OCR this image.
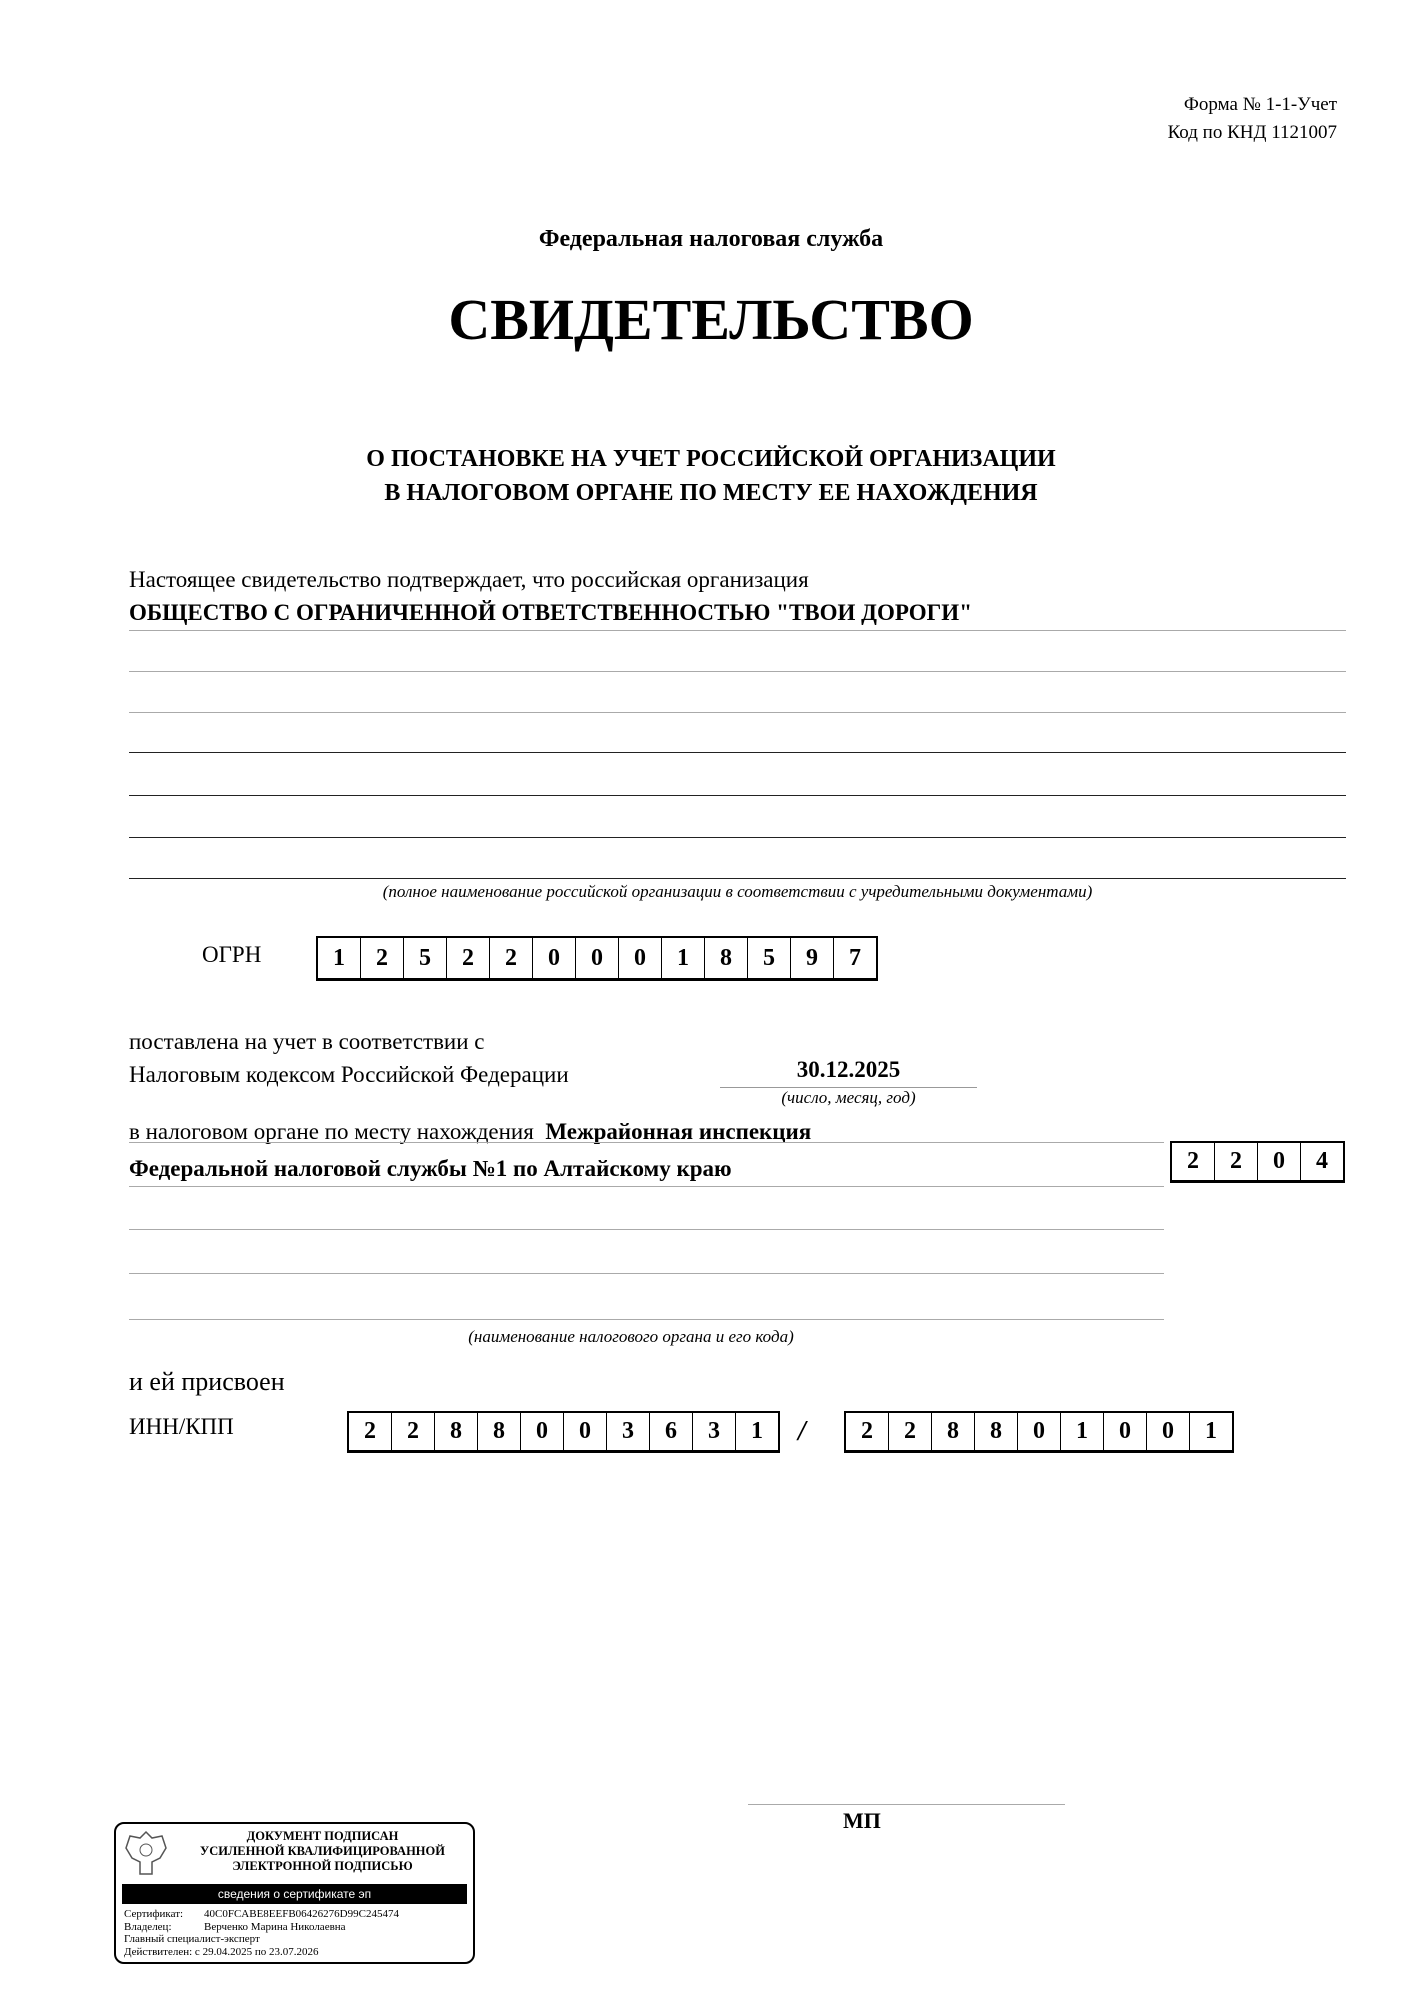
Форма № 1-1-Учет
Код по КНД 1121007
Федеральная налоговая служба
СВИДЕТЕЛЬСТВО
О ПОСТАНОВКЕ НА УЧЕТ РОССИЙСКОЙ ОРГАНИЗАЦИИ
В НАЛОГОВОМ ОРГАНЕ ПО МЕСТУ ЕЕ НАХОЖДЕНИЯ
Настоящее свидетельство подтверждает, что российская организация
ОБЩЕСТВО С ОГРАНИЧЕННОЙ ОТВЕТСТВЕННОСТЬЮ "ТВОИ ДОРОГИ"
(полное наименование российской организации в соответствии с учредительными документами)
ОГРН	1	2	5	2	2	0	0	0	1	8	5	9	7
поставлена на учет в соответствии с
Налоговым кодексом Российской Федерации	30.12.2025
(число, месяц, год)
в налоговом органе по месту нахождения Межрайонная инспекция
Федеральной налоговой службы №1 по Алтайскому краю	2	2	0	4
(наименование налогового органа и его кода)
и ей присвоен
ИНН/КПП	2	2	8	8	0	0	3	6	3	1	/	2	2	8	8	0	1	0	0	1
МП
ДОКУМЕНТ ПОДПИСАН
УСИЛЕННОЙ КВАЛИФИЦИРОВАННОЙ
ЭЛЕКТРОННОЙ ПОДПИСЬЮ
сведения о сертификате эп
Сертификат: 40C0FCABE8EEFB06426276D99C245474
Владелец:	Верченко Марина Николаевна
Главный специалист-эксперт
Действителен: с 29.04.2025 по 23.07.2026
